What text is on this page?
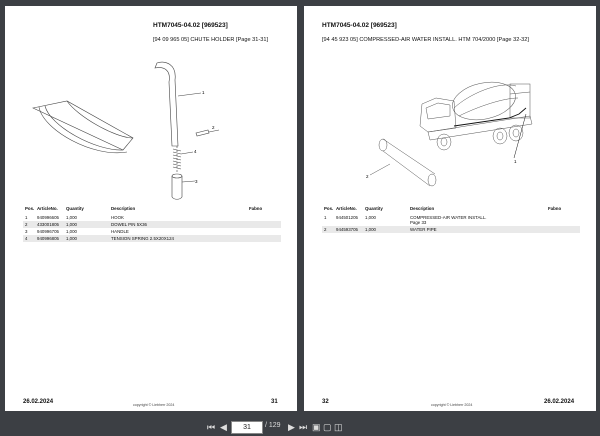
HTM7045-04.02 [969523]
[94 09 965 05] CHUTE HOLDER [Page 31-31]
1
2
3
4
Pos. ArticleNo. Quantity	Description	Fabno
1 940996605 1,000	HOOK
2 433001805 1,000	DOWEL PIN 5X36
3 940996705 1,000	HANDLE
4 940996805 1,000	TENSION SPRING 2.5X20X124
26.02.2024	copyright © Liebherr 2024	31
HTM7045-04.02 [969523]
[94 45 923 05] COMPRESSED-AIR WATER INSTALL. HTM 704/2000 [Page 32-32]
1
2
Pos. ArticleNo. Quantity	Description	Fabno
1 944501205 1,000	COMPRESSED-AIR WATER INSTALL.
Page 33
2 944593705 1,000	WATER PIPE
32	copyright © Liebherr 2024	26.02.2024
⏮ ◀	31	/ 129 ▶ ⏭ ▣ ▢ ◫
